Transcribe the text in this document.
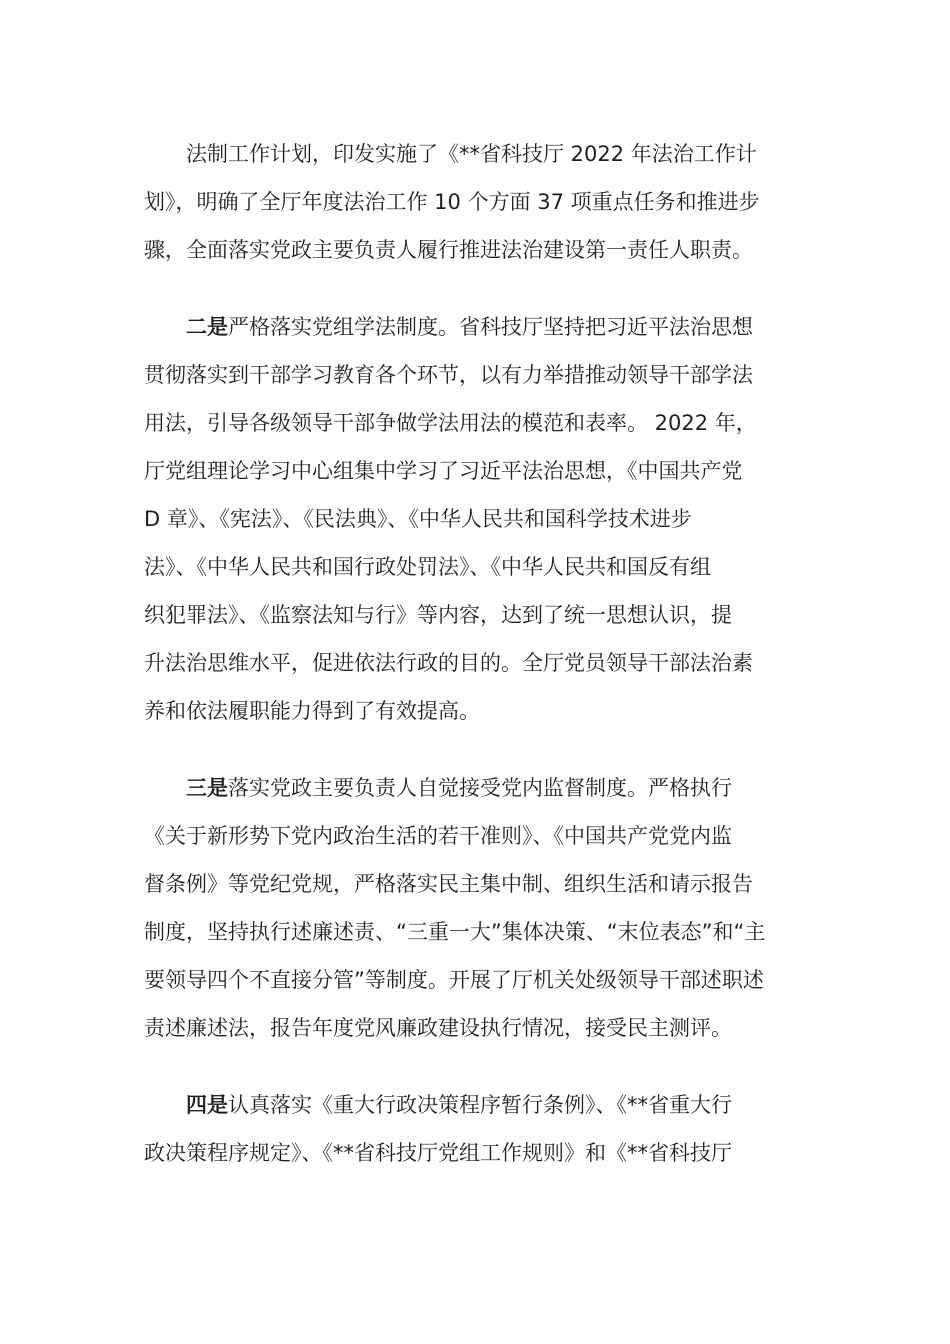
法制工作计划，印发实施了《**省科技厅 2022 年法治工作计
划》，明确了全厅年度法治工作 10 个方面 37 项重点任务和推进步
骤，全面落实党政主要负责人履行推进法治建设第一责任人职责。
二是严格落实党组学法制度。省科技厅坚持把习近平法治思想
贯彻落实到干部学习教育各个环节，以有力举措推动领导干部学法
用法，引导各级领导干部争做学法用法的模范和表率。 2022 年，
厅党组理论学习中心组集中学习了习近平法治思想，《中国共产党
D 章》、《宪法》、《民法典》、《中华人民共和国科学技术进步
法》、《中华人民共和国行政处罚法》、《中华人民共和国反有组
织犯罪法》、《监察法知与行》等内容，达到了统一思想认识，提
升法治思维水平，促进依法行政的目的。全厅党员领导干部法治素
养和依法履职能力得到了有效提高。
三是落实党政主要负责人自觉接受党内监督制度。严格执行
《关于新形势下党内政治生活的若干准则》、《中国共产党党内监
督条例》等党纪党规，严格落实民主集中制、组织生活和请示报告
制度，坚持执行述廉述责、“三重一大”集体决策、“末位表态”和“主
要领导四个不直接分管”等制度。开展了厅机关处级领导干部述职述
责述廉述法，报告年度党风廉政建设执行情况，接受民主测评。
四是认真落实《重大行政决策程序暂行条例》、《**省重大行
政决策程序规定》、《**省科技厅党组工作规则》和《**省科技厅
